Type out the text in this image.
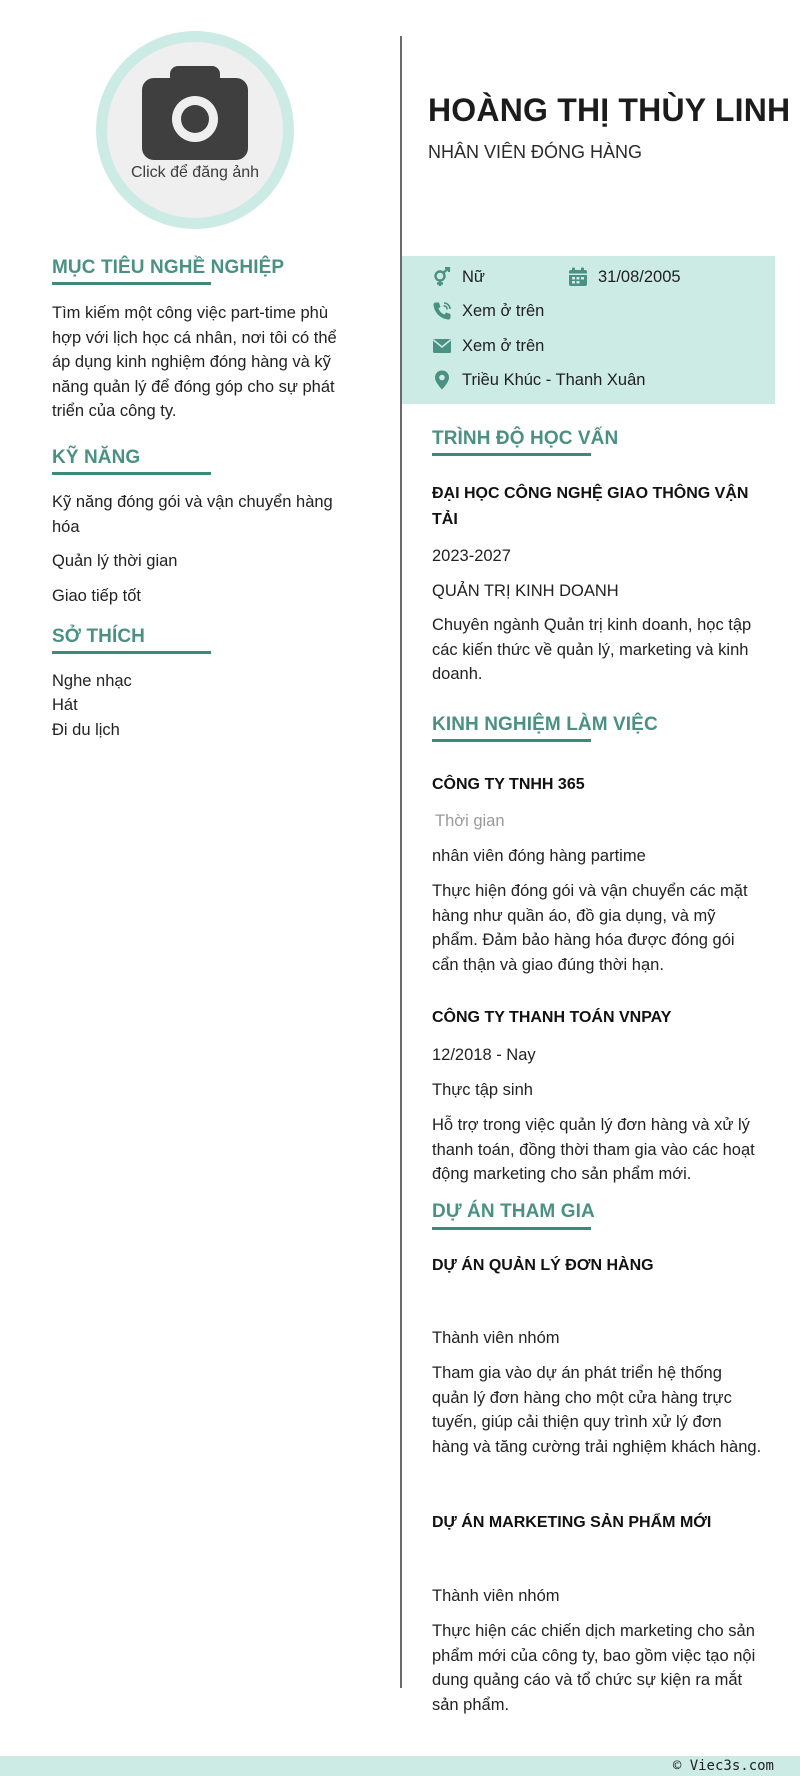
Click để đăng ảnh
MỤC TIÊU NGHỀ NGHIỆP
Tìm kiếm một công việc part-time phù
hợp với lịch học cá nhân, nơi tôi có thể
áp dụng kinh nghiệm đóng hàng và kỹ
năng quản lý để đóng góp cho sự phát
triển của công ty.
KỸ NĂNG
Kỹ năng đóng gói và vận chuyển hàng hóa
Quản lý thời gian
Giao tiếp tốt
SỞ THÍCH
Nghe nhạc
Hát
Đi du lịch
HOÀNG THỊ THÙY LINH
NHÂN VIÊN ĐÓNG HÀNG
Nữ	31/08/2005
Xem ở trên
Xem ở trên
Triều Khúc - Thanh Xuân
TRÌNH ĐỘ HỌC VẤN
ĐẠI HỌC CÔNG NGHỆ GIAO THÔNG VẬN TẢI
2023-2027
QUẢN TRỊ KINH DOANH
Chuyên ngành Quản trị kinh doanh, học tập các kiến thức về quản lý, marketing và kinh doanh.
KINH NGHIỆM LÀM VIỆC
CÔNG TY TNHH 365
Thời gian
nhân viên đóng hàng partime
Thực hiện đóng gói và vận chuyển các mặt hàng như quần áo, đồ gia dụng, và mỹ phẩm. Đảm bảo hàng hóa được đóng gói cẩn thận và giao đúng thời hạn.
CÔNG TY THANH TOÁN VNPAY
12/2018 - Nay
Thực tập sinh
Hỗ trợ trong việc quản lý đơn hàng và xử lý thanh toán, đồng thời tham gia vào các hoạt động marketing cho sản phẩm mới.
DỰ ÁN THAM GIA
DỰ ÁN QUẢN LÝ ĐƠN HÀNG
Thành viên nhóm
Tham gia vào dự án phát triển hệ thống quản lý đơn hàng cho một cửa hàng trực tuyến, giúp cải thiện quy trình xử lý đơn hàng và tăng cường trải nghiệm khách hàng.
DỰ ÁN MARKETING SẢN PHẨM MỚI
Thành viên nhóm
Thực hiện các chiến dịch marketing cho sản phẩm mới của công ty, bao gồm việc tạo nội dung quảng cáo và tổ chức sự kiện ra mắt sản phẩm.
© Viec3s.com
